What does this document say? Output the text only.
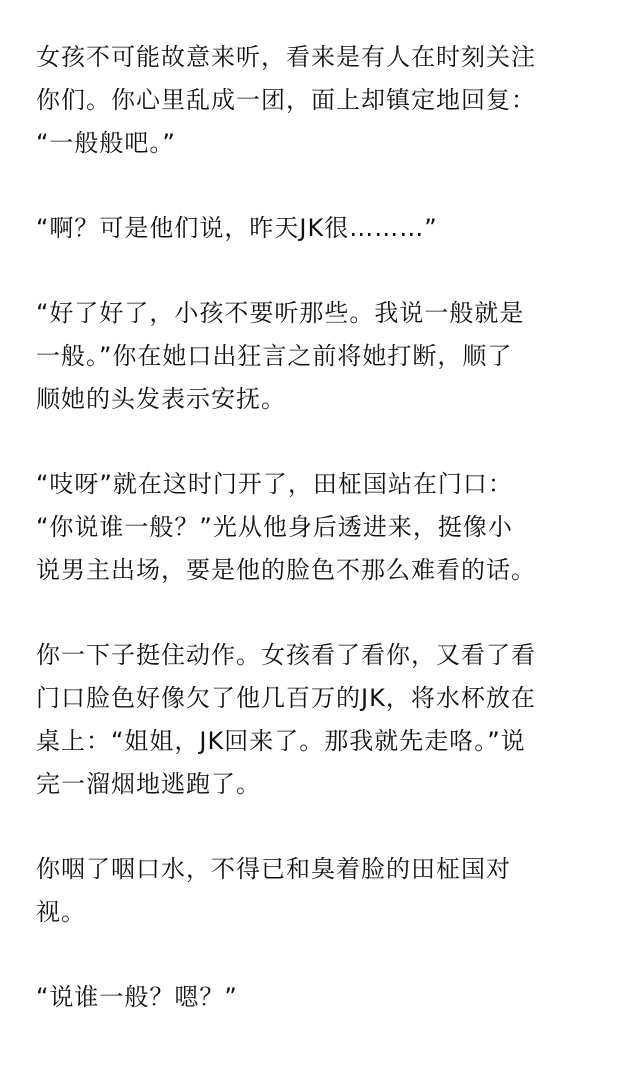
女孩不可能故意来听，看来是有人在时刻关注
你们。你心里乱成一团，面上却镇定地回复：
“一般般吧。”

“啊？可是他们说，昨天JK很………”

“好了好了，小孩不要听那些。我说一般就是
一般。”你在她口出狂言之前将她打断，顺了
顺她的头发表示安抚。

“吱呀”就在这时门开了，田柾国站在门口：
“你说谁一般？”光从他身后透进来，挺像小
说男主出场，要是他的脸色不那么难看的话。

你一下子挺住动作。女孩看了看你，又看了看
门口脸色好像欠了他几百万的JK，将水杯放在
桌上：“姐姐，JK回来了。那我就先走咯。”说
完一溜烟地逃跑了。

你咽了咽口水，不得已和臭着脸的田柾国对
视。

“说谁一般？嗯？”
